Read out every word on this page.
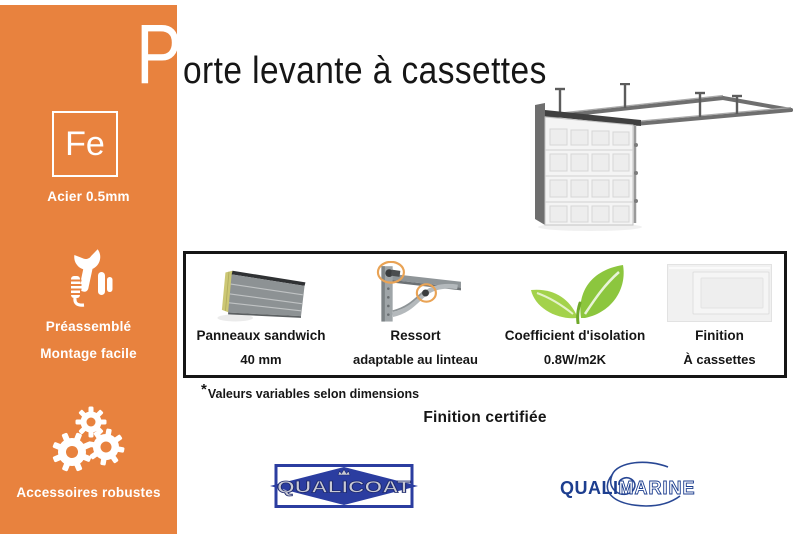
Fe
Acier 0.5mm
Préassemblé
Montage facile
Accessoires robustes
P orte levante à cassettes
Panneaux sandwich
40 mm
Ressort
adaptable au linteau
Coefficient d'isolation
0.8W/m2K
Finition
À cassettes
*Valeurs variables selon dimensions
Finition certifiée
QUALICOAT	QUALIMARINE
